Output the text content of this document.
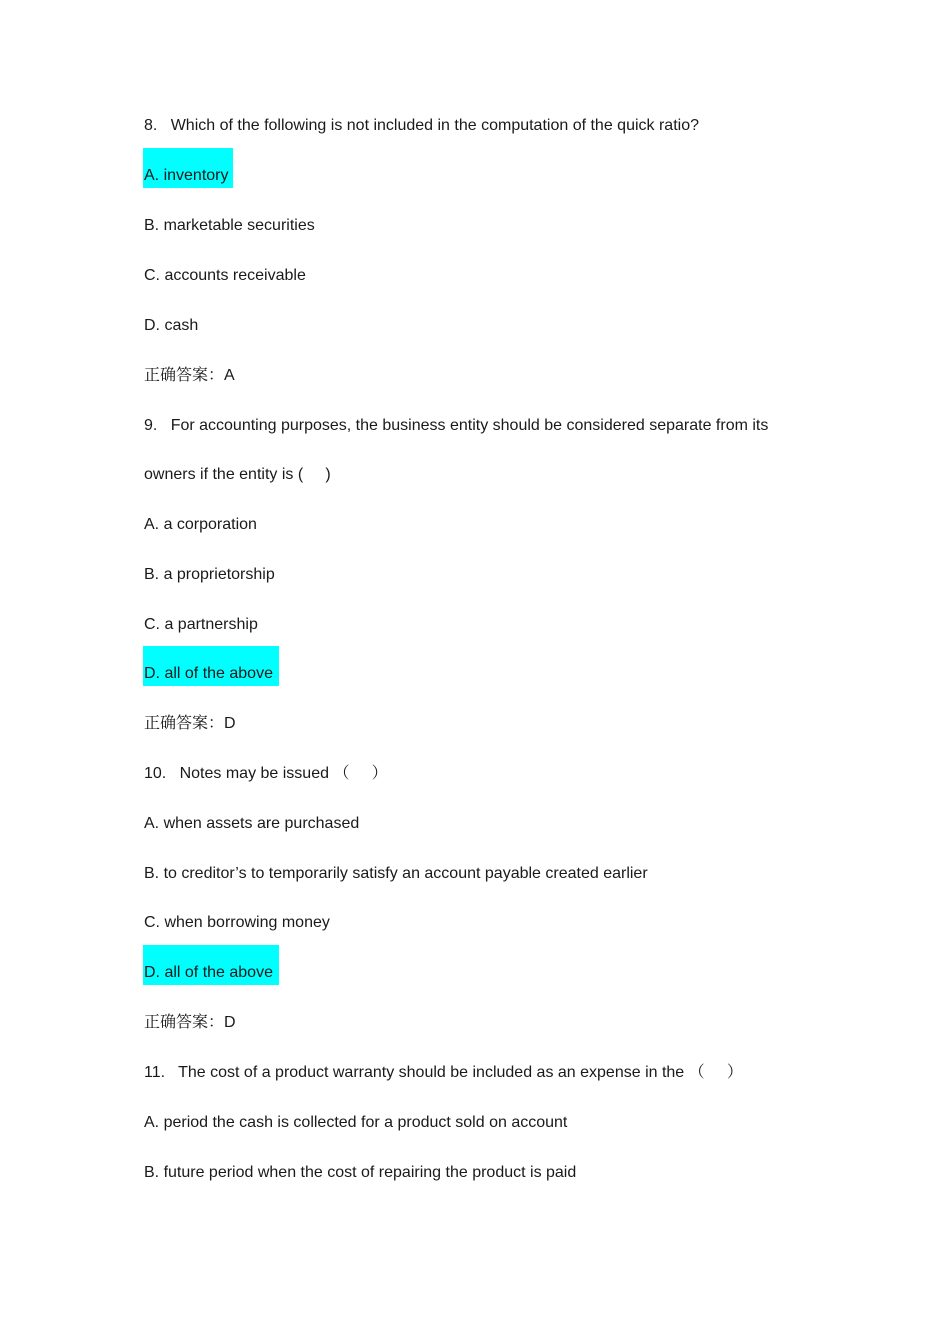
8. Which of the following is not included in the computation of the quick ratio?
A. inventory
B. marketable securities
C. accounts receivable
D. cash
正确答案：A
9. For accounting purposes, the business entity should be considered separate from its
owners if the entity is (     )
A. a corporation
B. a proprietorship
C. a partnership
D. all of the above
正确答案：D
10. Notes may be issued （     ）
A. when assets are purchased
B. to creditor’s to temporarily satisfy an account payable created earlier
C. when borrowing money
D. all of the above
正确答案：D
11. The cost of a product warranty should be included as an expense in the （     ）
A. period the cash is collected for a product sold on account
B. future period when the cost of repairing the product is paid
